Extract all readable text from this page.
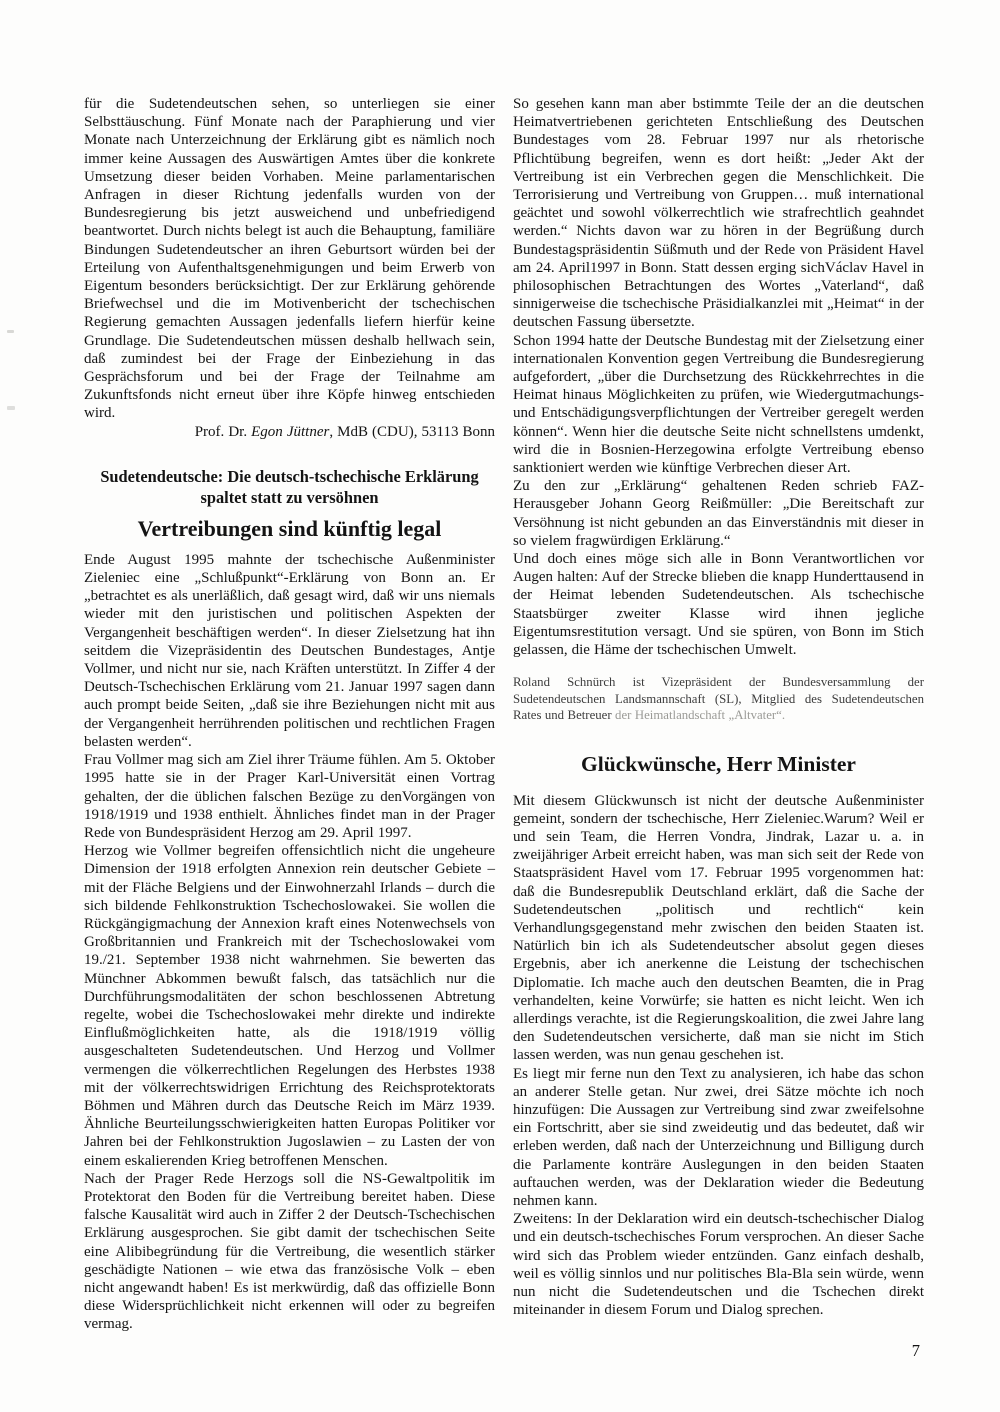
für die Sudetendeutschen sehen, so unterliegen sie einer Selbsttäuschung. Fünf Monate nach der Paraphierung und vier Monate nach Unterzeichnung der Erklärung gibt es nämlich noch immer keine Aussagen des Auswärtigen Amtes über die konkrete Umsetzung dieser beiden Vorhaben. Meine parlamentarischen Anfragen in dieser Richtung jedenfalls wurden von der Bundesregierung bis jetzt ausweichend und unbefriedigend beantwortet. Durch nichts belegt ist auch die Behauptung, familiäre Bindungen Sudetendeutscher an ihren Geburtsort würden bei der Erteilung von Aufenthaltsgenehmigungen und beim Erwerb von Eigentum besonders berücksichtigt. Der zur Erklärung gehörende Briefwechsel und die im Motivenbericht der tschechischen Regierung gemachten Aussagen jedenfalls liefern hierfür keine Grundlage. Die Sudetendeutschen müssen deshalb hellwach sein, daß zumindest bei der Frage der Einbeziehung in das Gesprächsforum und bei der Frage der Teilnahme am Zukunftsfonds nicht erneut über ihre Köpfe hinweg entschieden wird.

Prof. Dr. Egon Jüttner, MdB (CDU), 53113 Bonn

Sudetendeutsche: Die deutsch-tschechische Erklärung
spaltet statt zu versöhnen
Vertreibungen sind künftig legal

Ende August 1995 mahnte der tschechische Außenminister Zieleniec eine „Schlußpunkt“-Erklärung von Bonn an. Er „betrachtet es als unerläßlich, daß gesagt wird, daß wir uns niemals wieder mit den juristischen und politischen Aspekten der Vergangenheit beschäftigen werden“. In dieser Zielsetzung hat ihn seitdem die Vizepräsidentin des Deutschen Bundestages, Antje Vollmer, und nicht nur sie, nach Kräften unterstützt. In Ziffer 4 der Deutsch-Tschechischen Erklärung vom 21. Januar 1997 sagen dann auch prompt beide Seiten, „daß sie ihre Beziehungen nicht mit aus der Vergangenheit herrührenden politischen und rechtlichen Fragen belasten werden“.

Frau Vollmer mag sich am Ziel ihrer Träume fühlen. Am 5. Oktober 1995 hatte sie in der Prager Karl-Universität einen Vortrag gehalten, der die üblichen falschen Bezüge zu denVorgängen von 1918/1919 und 1938 enthielt. Ähnliches findet man in der Prager Rede von Bundespräsident Herzog am 29. April 1997.

Herzog wie Vollmer begreifen offensichtlich nicht die ungeheure Dimension der 1918 erfolgten Annexion rein deutscher Gebiete – mit der Fläche Belgiens und der Einwohnerzahl Irlands – durch die sich bildende Fehlkonstruktion Tschechoslowakei. Sie wollen die Rückgängigmachung der Annexion kraft eines Notenwechsels von Großbritannien und Frankreich mit der Tschechoslowakei vom 19./21. September 1938 nicht wahrnehmen. Sie bewerten das Münchner Abkommen bewußt falsch, das tatsächlich nur die Durchführungsmodalitäten der schon beschlossenen Abtretung regelte, wobei die Tschechoslowakei mehr direkte und indirekte Einflußmöglichkeiten hatte, als die 1918/1919 völlig ausgeschalteten Sudetendeutschen. Und Herzog und Vollmer vermengen die völkerrechtlichen Regelungen des Herbstes 1938 mit der völkerrechtswidrigen Errichtung des Reichsprotektorats Böhmen und Mähren durch das Deutsche Reich im März 1939. Ähnliche Beurteilungsschwierigkeiten hatten Europas Politiker vor Jahren bei der Fehlkonstruktion Jugoslawien – zu Lasten der von einem eskalierenden Krieg betroffenen Menschen.

Nach der Prager Rede Herzogs soll die NS-Gewaltpolitik im Protektorat den Boden für die Vertreibung bereitet haben. Diese falsche Kausalität wird auch in Ziffer 2 der Deutsch-Tschechischen Erklärung ausgesprochen. Sie gibt damit der tschechischen Seite eine Alibibegründung für die Vertreibung, die wesentlich stärker geschädigte Nationen – wie etwa das französische Volk – eben nicht angewandt haben! Es ist merkwürdig, daß das offizielle Bonn diese Widersprüchlichkeit nicht erkennen will oder zu begreifen vermag.

So gesehen kann man aber bstimmte Teile der an die deutschen Heimatvertriebenen gerichteten Entschließung des Deutschen Bundestages vom 28. Februar 1997 nur als rhetorische Pflichtübung begreifen, wenn es dort heißt: „Jeder Akt der Vertreibung ist ein Verbrechen gegen die Menschlichkeit. Die Terrorisierung und Vertreibung von Gruppen… muß international geächtet und sowohl völkerrechtlich wie strafrechtlich geahndet werden.“ Nichts davon war zu hören in der Begrüßung durch Bundestagspräsidentin Süßmuth und der Rede von Präsident Havel am 24. April1997 in Bonn. Statt dessen erging sichVáclav Havel in philosophischen Betrachtungen des Wortes „Vaterland“, daß sinnigerweise die tschechische Präsidialkanzlei mit „Heimat“ in der deutschen Fassung übersetzte.

Schon 1994 hatte der Deutsche Bundestag mit der Zielsetzung einer internationalen Konvention gegen Vertreibung die Bundesregierung aufgefordert, „über die Durchsetzung des Rückkehrrechtes in die Heimat hinaus Möglichkeiten zu prüfen, wie Wiedergutmachungs- und Entschädigungsverpflichtungen der Vertreiber geregelt werden können“. Wenn hier die deutsche Seite nicht schnellstens umdenkt, wird die in Bosnien-Herzegowina erfolgte Vertreibung ebenso sanktioniert werden wie künftige Verbrechen dieser Art.

Zu den zur „Erklärung“ gehaltenen Reden schrieb FAZ-Herausgeber Johann Georg Reißmüller: „Die Bereitschaft zur Versöhnung ist nicht gebunden an das Einverständnis mit dieser in so vielem fragwürdigen Erklärung.“

Und doch eines möge sich alle in Bonn Verantwortlichen vor Augen halten: Auf der Strecke blieben die knapp Hunderttausend in der Heimat lebenden Sudetendeutschen. Als tschechische Staatsbürger zweiter Klasse wird ihnen jegliche Eigentumsrestitution versagt. Und sie spüren, von Bonn im Stich gelassen, die Häme der tschechischen Umwelt.

Roland Schnürch ist Vizepräsident der Bundesversammlung der Sudetendeutschen Landsmannschaft (SL), Mitglied des Sudetendeutschen Rates und Betreuer der Heimatlandschaft „Altvater“.

Glückwünsche, Herr Minister

Mit diesem Glückwunsch ist nicht der deutsche Außenminister gemeint, sondern der tschechische, Herr Zieleniec.Warum? Weil er und sein Team, die Herren Vondra, Jindrak, Lazar u. a. in zweijähriger Arbeit erreicht haben, was man sich seit der Rede von Staatspräsident Havel vom 17. Februar 1995 vorgenommen hat: daß die Bundesrepublik Deutschland erklärt, daß die Sache der Sudetendeutschen „politisch und rechtlich“ kein Verhandlungsgegenstand mehr zwischen den beiden Staaten ist. Natürlich bin ich als Sudetendeutscher absolut gegen dieses Ergebnis, aber ich anerkenne die Leistung der tschechischen Diplomatie. Ich mache auch den deutschen Beamten, die in Prag verhandelten, keine Vorwürfe; sie hatten es nicht leicht. Wen ich allerdings verachte, ist die Regierungskoalition, die zwei Jahre lang den Sudetendeutschen versicherte, daß man sie nicht im Stich lassen werden, was nun genau geschehen ist.

Es liegt mir ferne nun den Text zu analysieren, ich habe das schon an anderer Stelle getan. Nur zwei, drei Sätze möchte ich noch hinzufügen: Die Aussagen zur Vertreibung sind zwar zweifelsohne ein Fortschritt, aber sie sind zweideutig und das bedeutet, daß wir erleben werden, daß nach der Unterzeichnung und Billigung durch die Parlamente konträre Auslegungen in den beiden Staaten auftauchen werden, was der Deklaration wieder die Bedeutung nehmen kann.

Zweitens: In der Deklaration wird ein deutsch-tschechischer Dialog und ein deutsch-tschechisches Forum versprochen. An dieser Sache wird sich das Problem wieder entzünden. Ganz einfach deshalb, weil es völlig sinnlos und nur politisches Bla-Bla sein würde, wenn nun nicht die Sudetendeutschen und die Tschechen direkt miteinander in diesem Forum und Dialog sprechen.

7
